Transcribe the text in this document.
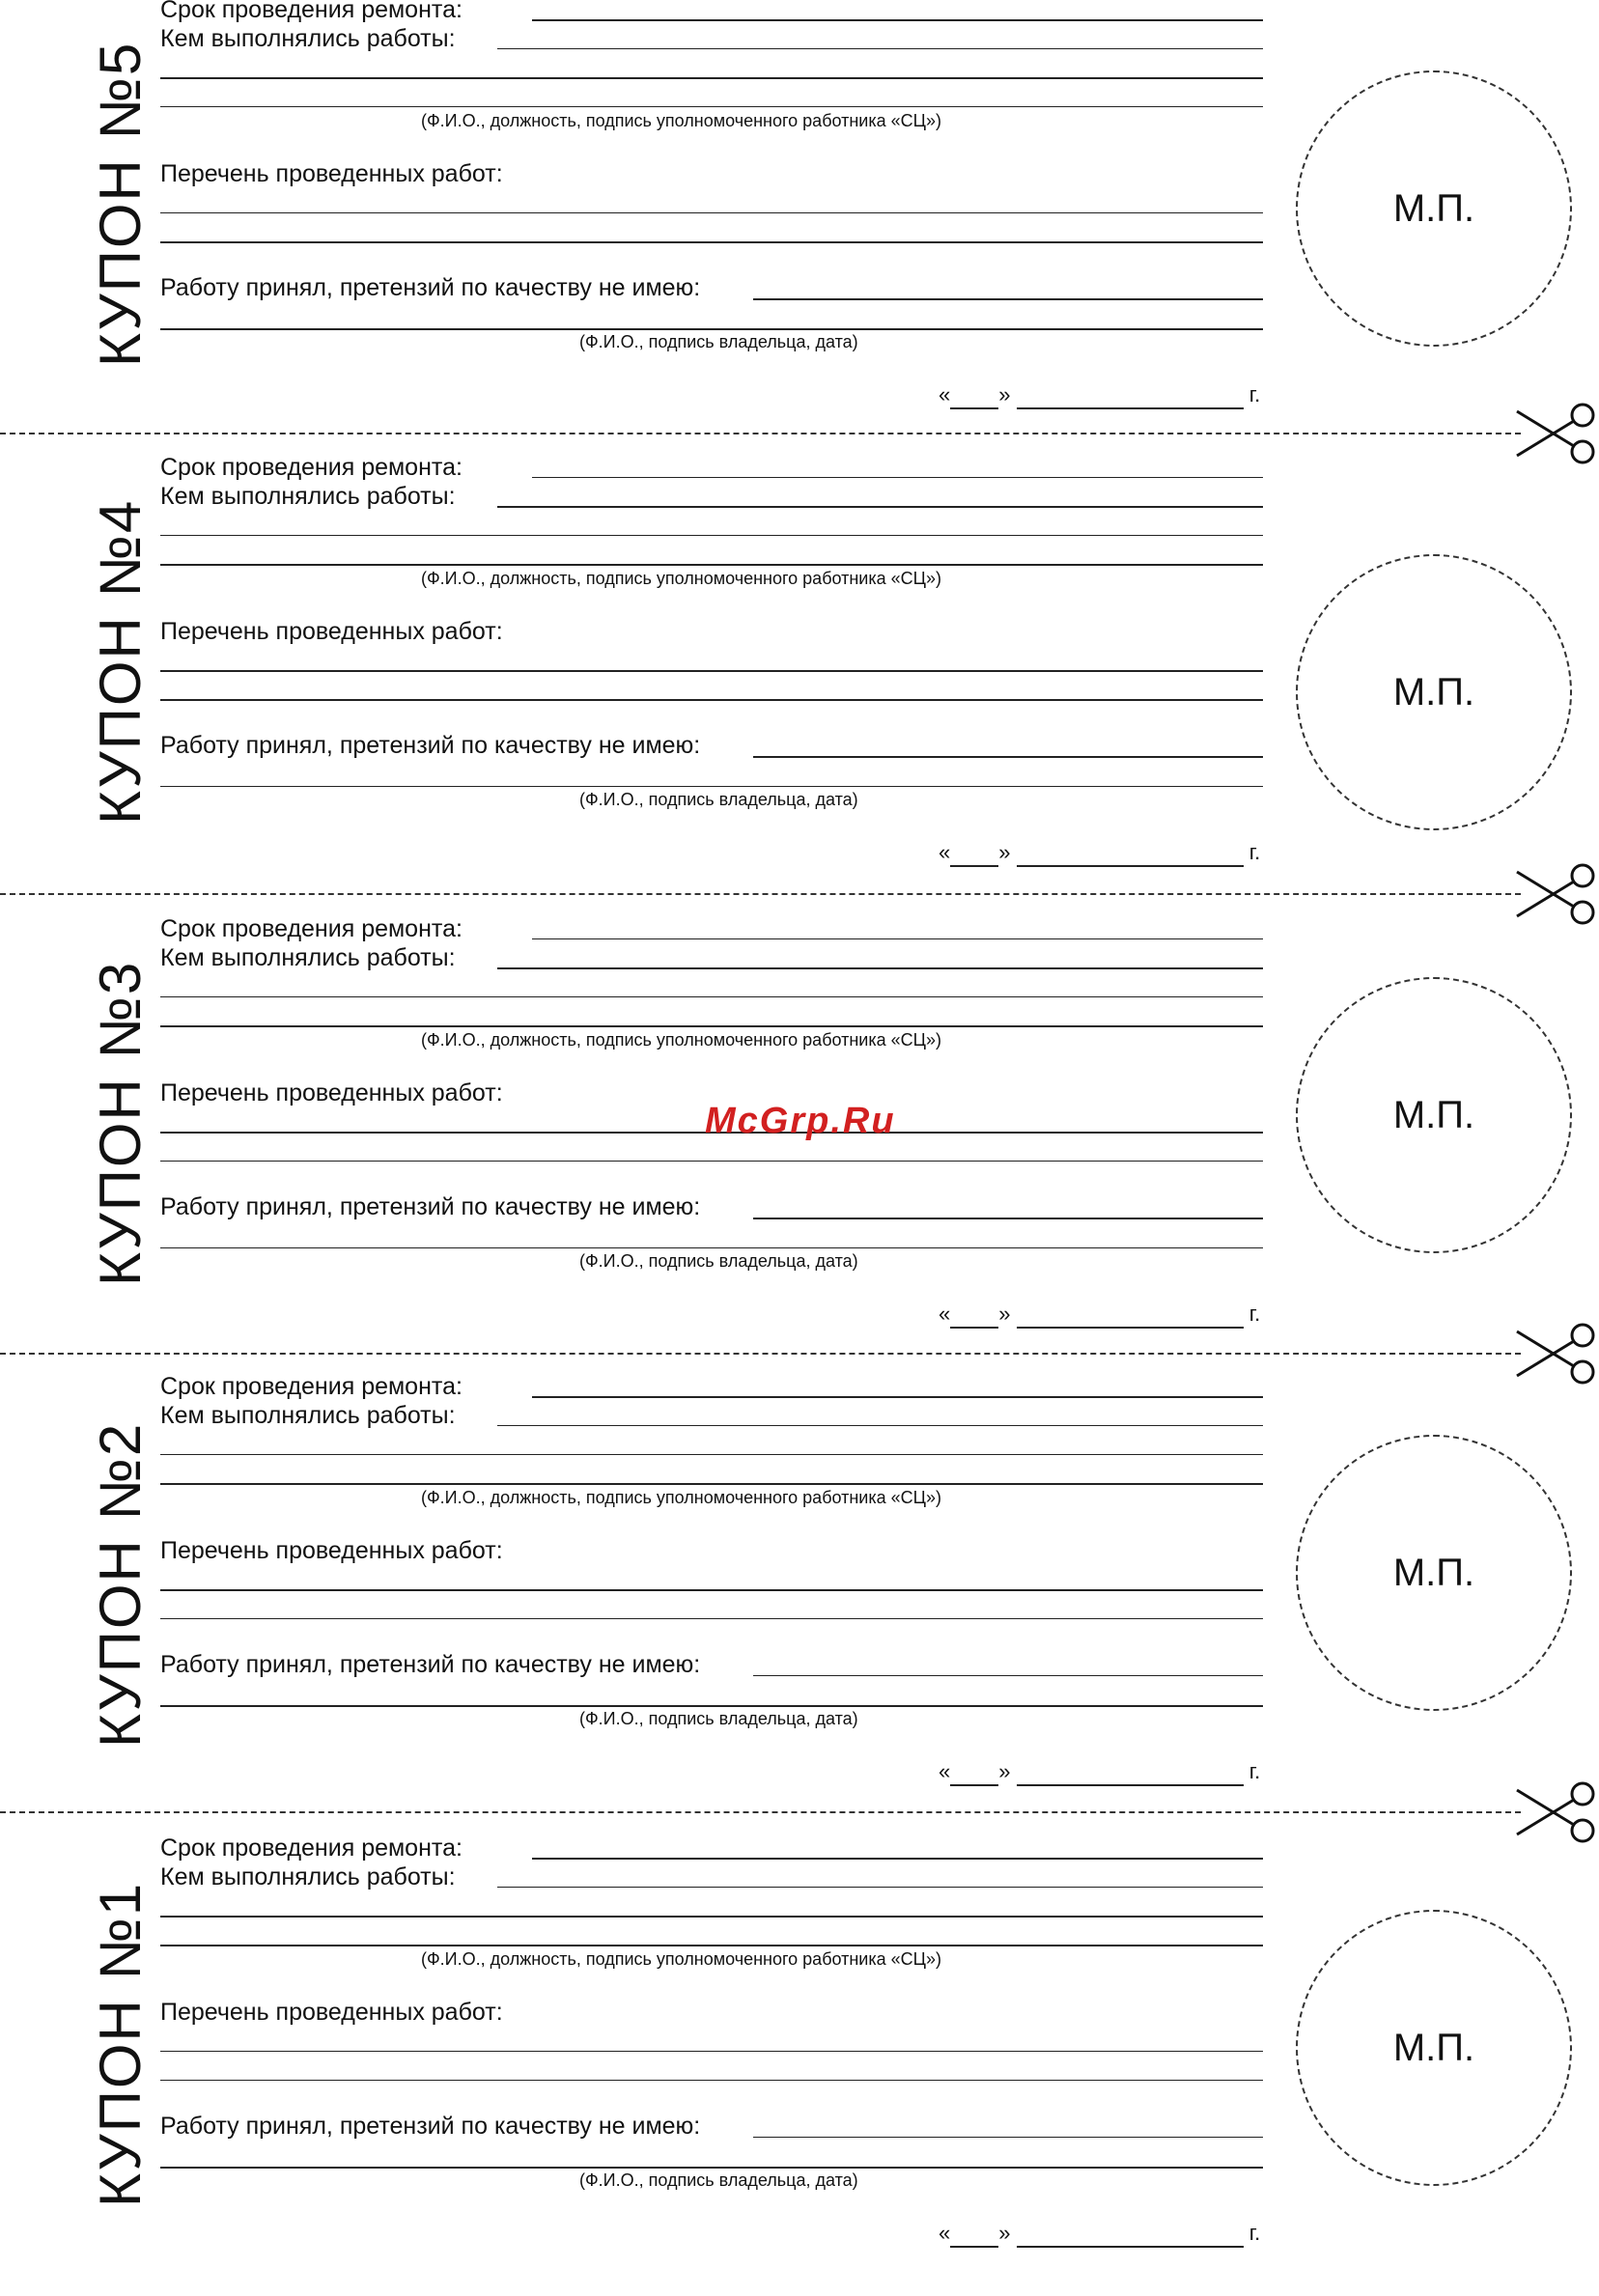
КУПОН №5
Срок проведения ремонта:
Кем выполнялись работы:
(Ф.И.О., должность, подпись уполномоченного работника «СЦ»)
Перечень проведенных работ:
Работу принял, претензий по качеству не имею:
(Ф.И.О., подпись владельца, дата)
М.П.
« »	г.
КУПОН №4
Срок проведения ремонта:
Кем выполнялись работы:
(Ф.И.О., должность, подпись уполномоченного работника «СЦ»)
Перечень проведенных работ:
Работу принял, претензий по качеству не имею:
(Ф.И.О., подпись владельца, дата)
М.П.
« »	г.
КУПОН №3
Срок проведения ремонта:
Кем выполнялись работы:
(Ф.И.О., должность, подпись уполномоченного работника «СЦ»)
Перечень проведенных работ:
Работу принял, претензий по качеству не имею:
(Ф.И.О., подпись владельца, дата)
М.П.
« »	г.
КУПОН №2
Срок проведения ремонта:
Кем выполнялись работы:
(Ф.И.О., должность, подпись уполномоченного работника «СЦ»)
Перечень проведенных работ:
Работу принял, претензий по качеству не имею:
(Ф.И.О., подпись владельца, дата)
М.П.
« »	г.
КУПОН №1
Срок проведения ремонта:
Кем выполнялись работы:
(Ф.И.О., должность, подпись уполномоченного работника «СЦ»)
Перечень проведенных работ:
Работу принял, претензий по качеству не имею:
(Ф.И.О., подпись владельца, дата)
М.П.
« »	г.
McGrp.Ru
